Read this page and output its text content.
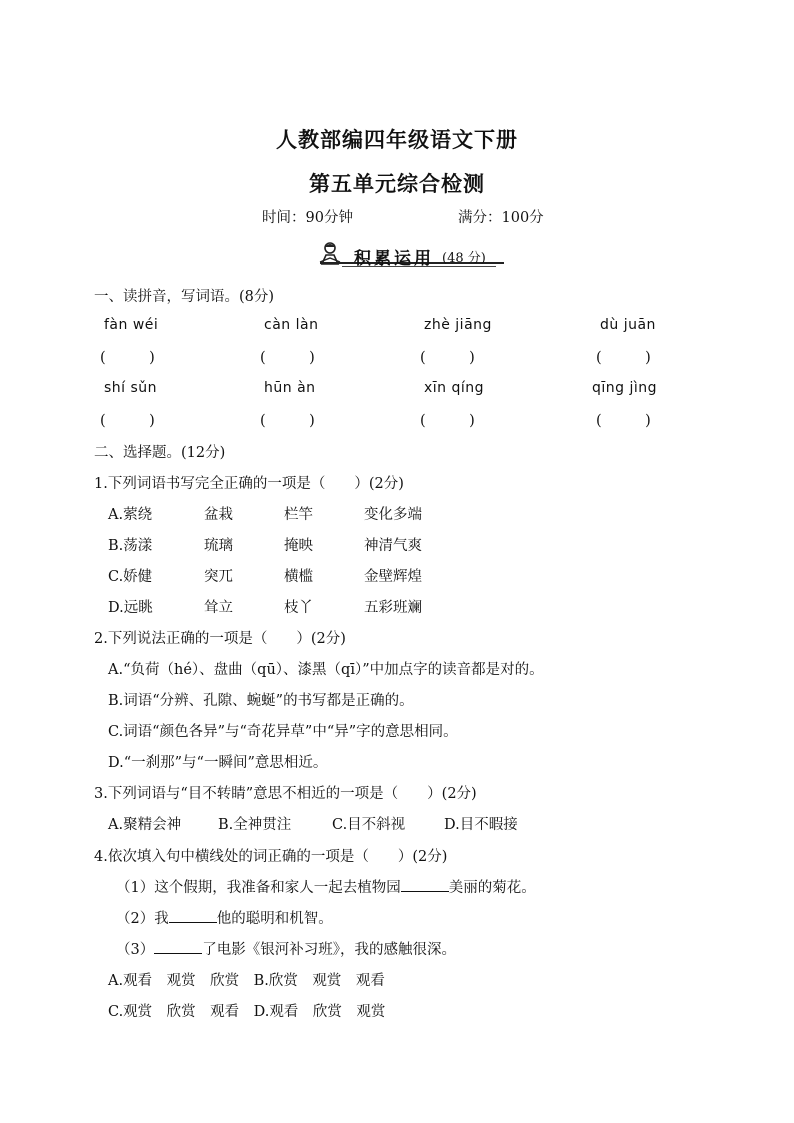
人教部编四年级语文下册
第五单元综合检测
时间：90分钟	满分：100分
积累运用 (48 分)
一、读拼音，写词语。(8分)
fàn wéi	càn làn	zhè jiāng	dù juān
(　　　)	(　　　)	(　　　)	(　　　)
shí sǔn	hūn àn	xīn qíng	qīng jìng
(　　　)	(　　　)	(　　　)	(　　　)
二、选择题。(12分)
1.下列词语书写完全正确的一项是（　　）(2分)
A.萦绕	盆栽	栏竿	变化多端
B.荡漾	琉璃	掩映	神清气爽
C.娇健	突兀	横槛	金壁辉煌
D.远眺	耸立	枝丫	五彩班斓
2.下列说法正确的一项是（　　）(2分)
A.“负荷（hé）、盘曲（qū）、漆黑（qī）”中加点字的读音都是对的。
B.词语“分辨、孔隙、蜿蜒”的书写都是正确的。
C.词语“颜色各异”与“奇花异草”中“异”字的意思相同。
D.“一刹那”与“一瞬间”意思相近。
3.下列词语与“目不转睛”意思不相近的一项是（　　）(2分)
A.聚精会神	B.全神贯注	C.目不斜视	D.目不暇接
4.依次填入句中横线处的词正确的一项是（　　）(2分)
（1）这个假期，我准备和家人一起去植物园	美丽的菊花。
（2）我	他的聪明和机智。
（3）	了电影《银河补习班》，我的感触很深。
A.观看　观赏　欣赏　B.欣赏　观赏　观看
C.观赏　欣赏　观看　D.观看　欣赏　观赏
